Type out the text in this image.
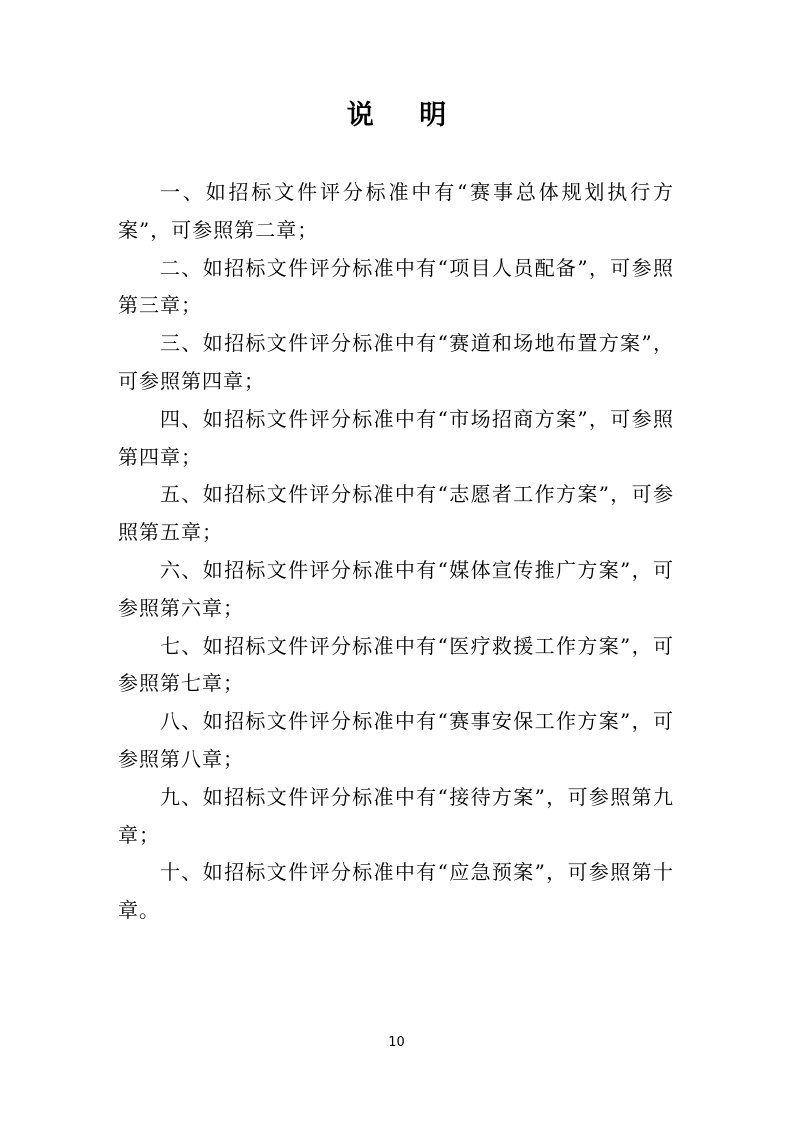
说 明

一、如招标文件评分标准中有“赛事总体规划执行方案”，可参照第二章；

二、如招标文件评分标准中有“项目人员配备”，可参照第三章；

三、如招标文件评分标准中有“赛道和场地布置方案”，可参照第四章；

四、如招标文件评分标准中有“市场招商方案”，可参照第四章；

五、如招标文件评分标准中有“志愿者工作方案”，可参照第五章；

六、如招标文件评分标准中有“媒体宣传推广方案”，可参照第六章；

七、如招标文件评分标准中有“医疗救援工作方案”，可参照第七章；

八、如招标文件评分标准中有“赛事安保工作方案”，可参照第八章；

九、如招标文件评分标准中有“接待方案”，可参照第九章；

十、如招标文件评分标准中有“应急预案”，可参照第十章。

10
